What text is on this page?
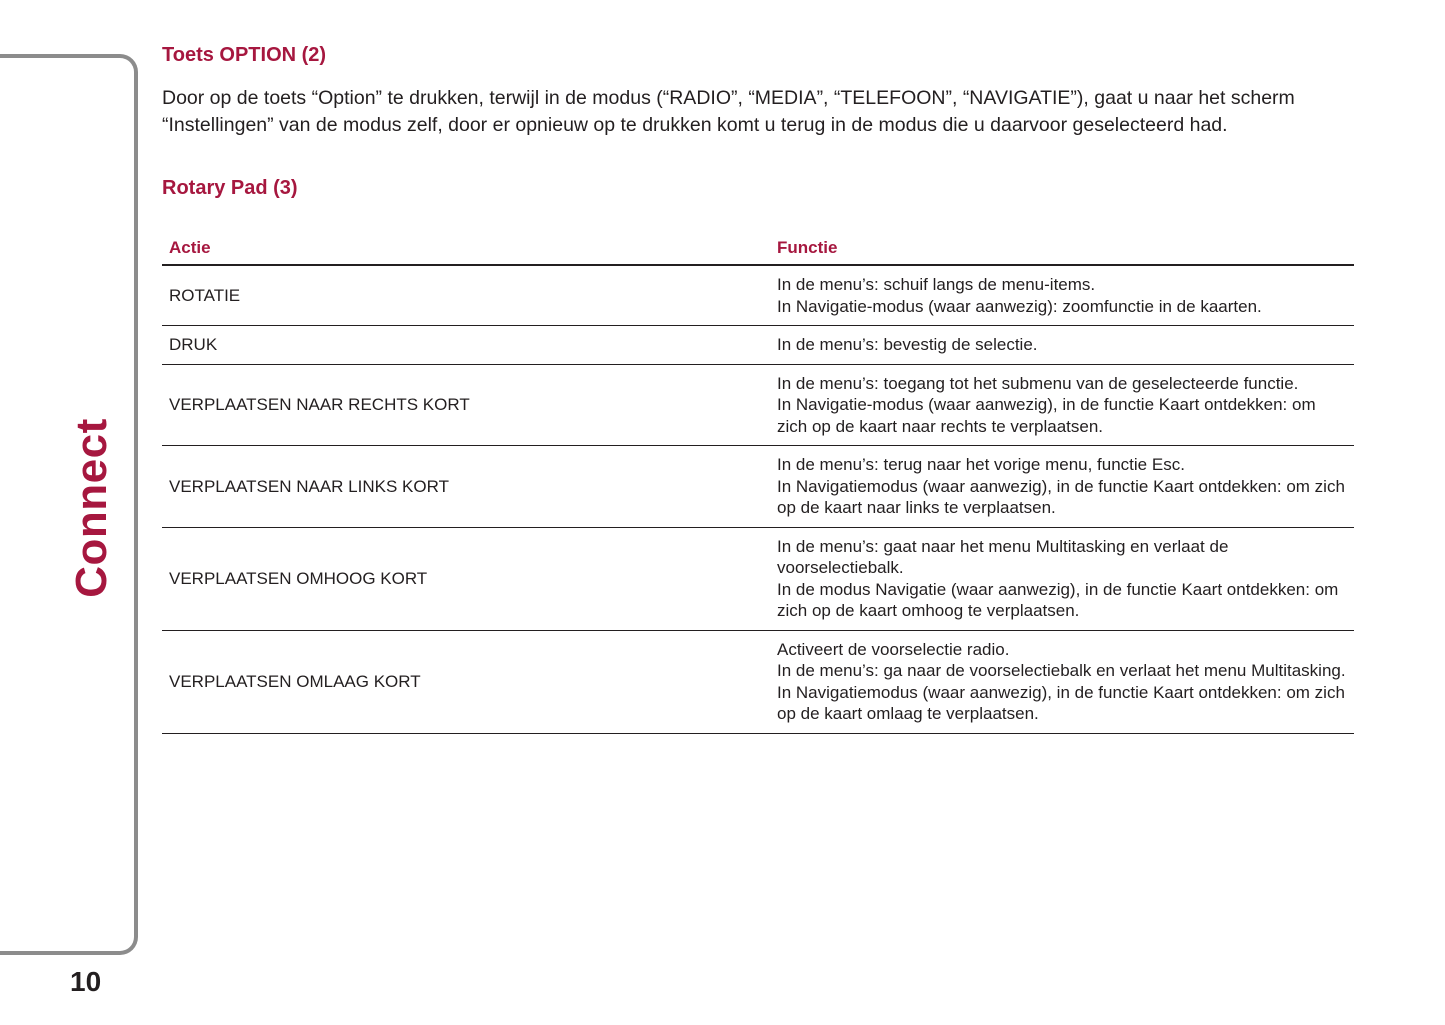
Connect
10
Toets OPTION (2)

Door op de toets “Option” te drukken, terwijl in de modus (“RADIO”, “MEDIA”, “TELEFOON”, “NAVIGATIE”), gaat u naar het scherm “Instellingen” van de modus zelf, door er opnieuw op te drukken komt u terug in de modus die u daarvoor geselecteerd had.

Rotary Pad (3)
Actie	Functie
ROTATIE	In de menu’s: schuif langs de menu-items.
In Navigatie-modus (waar aanwezig): zoomfunctie in de kaarten.

DRUK	In de menu’s: bevestig de selectie.

VERPLAATSEN NAAR RECHTS KORT	In de menu’s: toegang tot het submenu van de geselecteerde functie.
In Navigatie-modus (waar aanwezig), in de functie Kaart ontdekken: om zich op de kaart naar rechts te verplaatsen.

VERPLAATSEN NAAR LINKS KORT	In de menu’s: terug naar het vorige menu, functie Esc.
In Navigatiemodus (waar aanwezig), in de functie Kaart ontdekken: om zich op de kaart naar links te verplaatsen.

VERPLAATSEN OMHOOG KORT	In de menu’s: gaat naar het menu Multitasking en verlaat de voorselectiebalk.
In de modus Navigatie (waar aanwezig), in de functie Kaart ontdekken: om zich op de kaart omhoog te verplaatsen.

VERPLAATSEN OMLAAG KORT	Activeert de voorselectie radio.
In de menu’s: ga naar de voorselectiebalk en verlaat het menu Multitasking.
In Navigatiemodus (waar aanwezig), in de functie Kaart ontdekken: om zich op de kaart omlaag te verplaatsen.
